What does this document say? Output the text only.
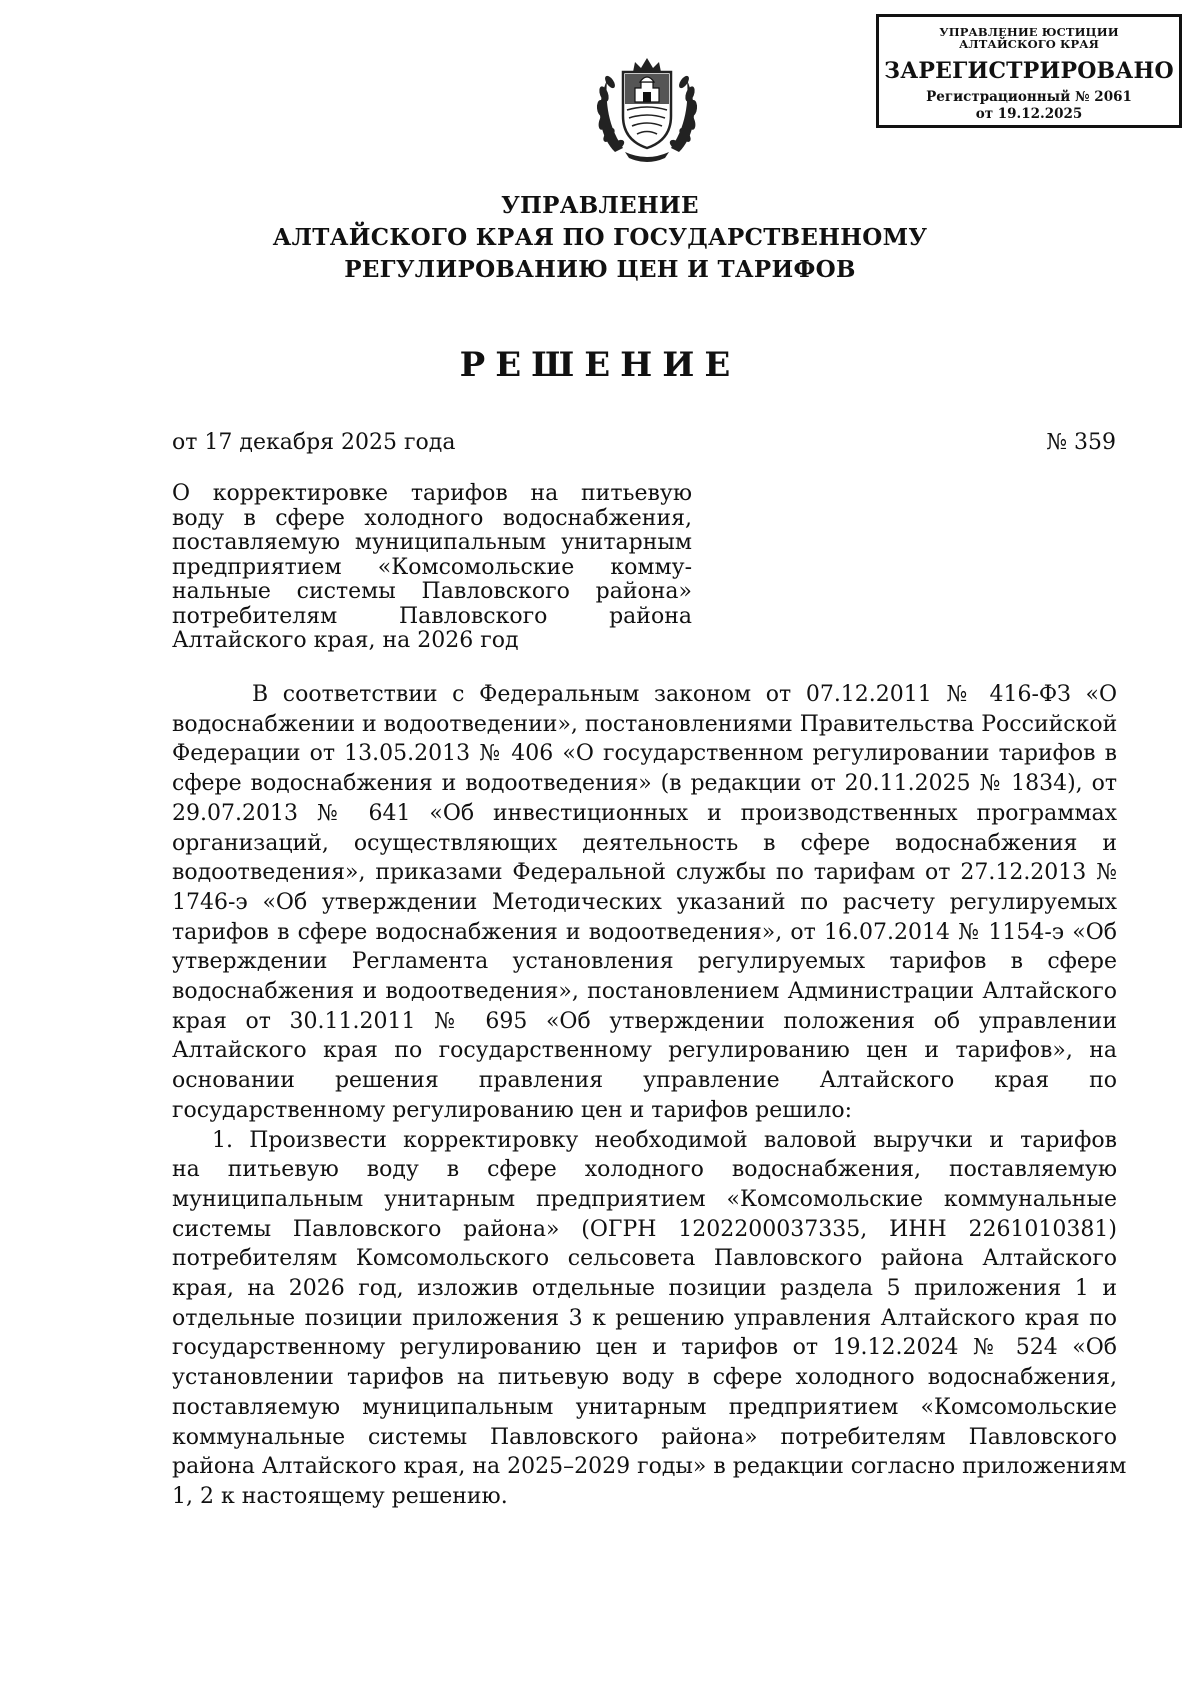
УПРАВЛЕНИЕ ЮСТИЦИИ
АЛТАЙСКОГО КРАЯ
ЗАРЕГИСТРИРОВАНО
Регистрационный № 2061
от 19.12.2025
УПРАВЛЕНИЕ
АЛТАЙСКОГО КРАЯ ПО ГОСУДАРСТВЕННОМУ
РЕГУЛИРОВАНИЮ ЦЕН И ТАРИФОВ
РЕШЕНИЕ
от 17 декабря 2025 года	№ 359
О корректировке тарифов на питьевую
воду в сфере холодного водоснабжения,
поставляемую муниципальным унитарным
предприятием «Комсомольские комму-
нальные системы Павловского района»
потребителям Павловского района
Алтайского края, на 2026 год
В соответствии с Федеральным законом от 07.12.2011 № 416-ФЗ «О
водоснабжении и водоотведении», постановлениями Правительства Российской
Федерации от 13.05.2013 № 406 «О государственном регулировании тарифов в
сфере водоснабжения и водоотведения» (в редакции от 20.11.2025 № 1834), от
29.07.2013 № 641 «Об инвестиционных и производственных программах
организаций, осуществляющих деятельность в сфере водоснабжения и
водоотведения», приказами Федеральной службы по тарифам от 27.12.2013 №
1746-э «Об утверждении Методических указаний по расчету регулируемых
тарифов в сфере водоснабжения и водоотведения», от 16.07.2014 № 1154-э «Об
утверждении Регламента установления регулируемых тарифов в сфере
водоснабжения и водоотведения», постановлением Администрации Алтайского
края от 30.11.2011 № 695 «Об утверждении положения об управлении
Алтайского края по государственному регулированию цен и тарифов», на
основании решения правления управление Алтайского края по
государственному регулированию цен и тарифов решило:
1. Произвести корректировку необходимой валовой выручки и тарифов
на питьевую воду в сфере холодного водоснабжения, поставляемую
муниципальным унитарным предприятием «Комсомольские коммунальные
системы Павловского района» (ОГРН 1202200037335, ИНН 2261010381)
потребителям Комсомольского сельсовета Павловского района Алтайского
края, на 2026 год, изложив отдельные позиции раздела 5 приложения 1 и
отдельные позиции приложения 3 к решению управления Алтайского края по
государственному регулированию цен и тарифов от 19.12.2024 № 524 «Об
установлении тарифов на питьевую воду в сфере холодного водоснабжения,
поставляемую муниципальным унитарным предприятием «Комсомольские
коммунальные системы Павловского района» потребителям Павловского
района Алтайского края, на 2025–2029 годы» в редакции согласно приложениям
1, 2 к настоящему решению.
